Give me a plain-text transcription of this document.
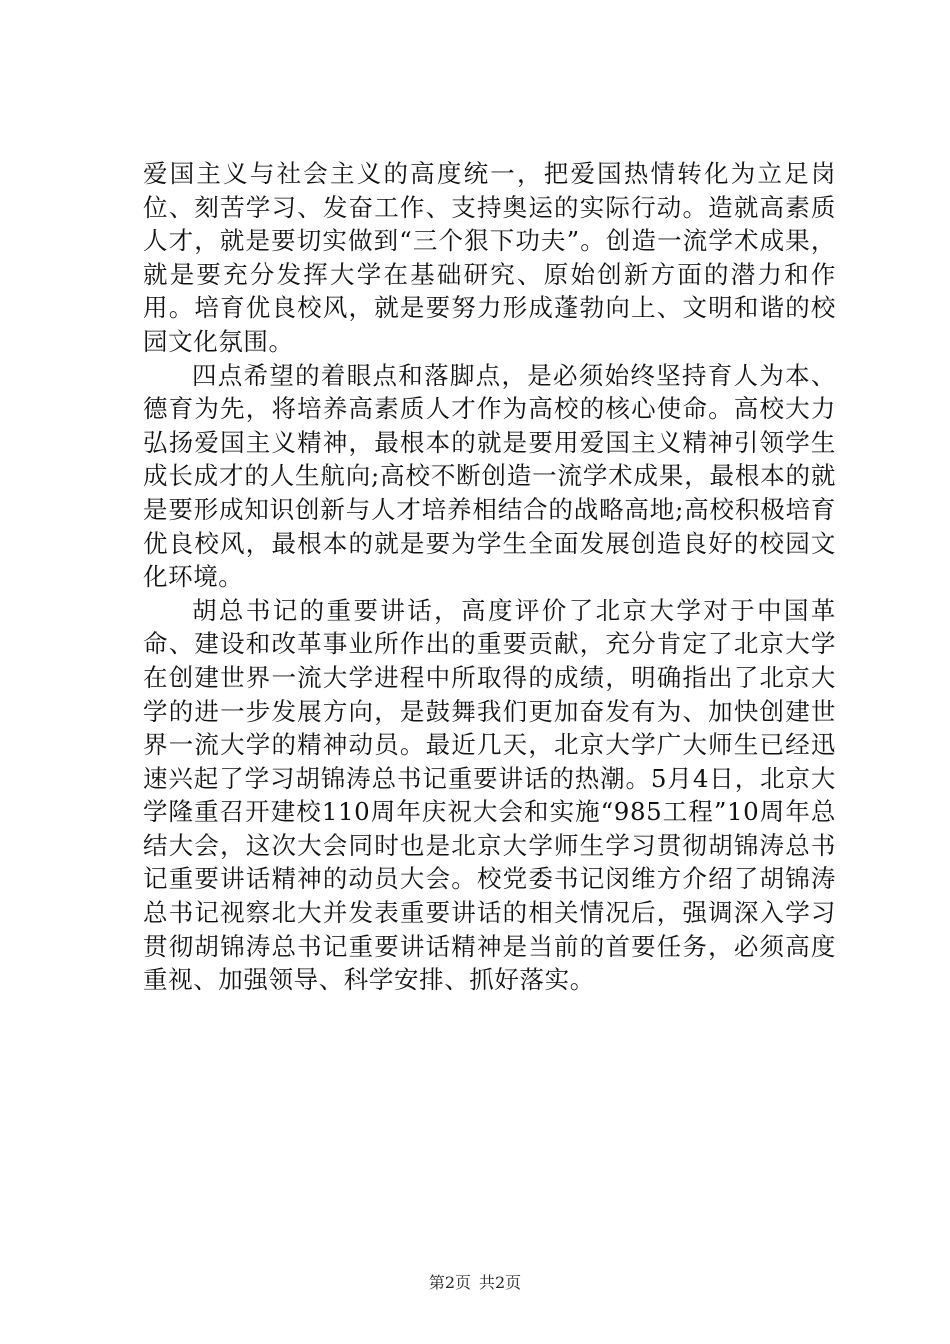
爱国主义与社会主义的高度统一，把爱国热情转化为立足岗位、刻苦学习、发奋工作、支持奥运的实际行动。造就高素质人才，就是要切实做到“三个狠下功夫”。创造一流学术成果，就是要充分发挥大学在基础研究、原始创新方面的潜力和作用。培育优良校风，就是要努力形成蓬勃向上、文明和谐的校园文化氛围。

四点希望的着眼点和落脚点，是必须始终坚持育人为本、德育为先，将培养高素质人才作为高校的核心使命。高校大力弘扬爱国主义精神，最根本的就是要用爱国主义精神引领学生成长成才的人生航向;高校不断创造一流学术成果，最根本的就是要形成知识创新与人才培养相结合的战略高地;高校积极培育优良校风，最根本的就是要为学生全面发展创造良好的校园文化环境。

胡总书记的重要讲话，高度评价了北京大学对于中国革命、建设和改革事业所作出的重要贡献，充分肯定了北京大学在创建世界一流大学进程中所取得的成绩，明确指出了北京大学的进一步发展方向，是鼓舞我们更加奋发有为、加快创建世界一流大学的精神动员。最近几天，北京大学广大师生已经迅速兴起了学习胡锦涛总书记重要讲话的热潮。5月4日，北京大学隆重召开建校110周年庆祝大会和实施“985工程”10周年总结大会，这次大会同时也是北京大学师生学习贯彻胡锦涛总书记重要讲话精神的动员大会。校党委书记闵维方介绍了胡锦涛总书记视察北大并发表重要讲话的相关情况后，强调深入学习贯彻胡锦涛总书记重要讲话精神是当前的首要任务，必须高度重视、加强领导、科学安排、抓好落实。

第2页 共2页
